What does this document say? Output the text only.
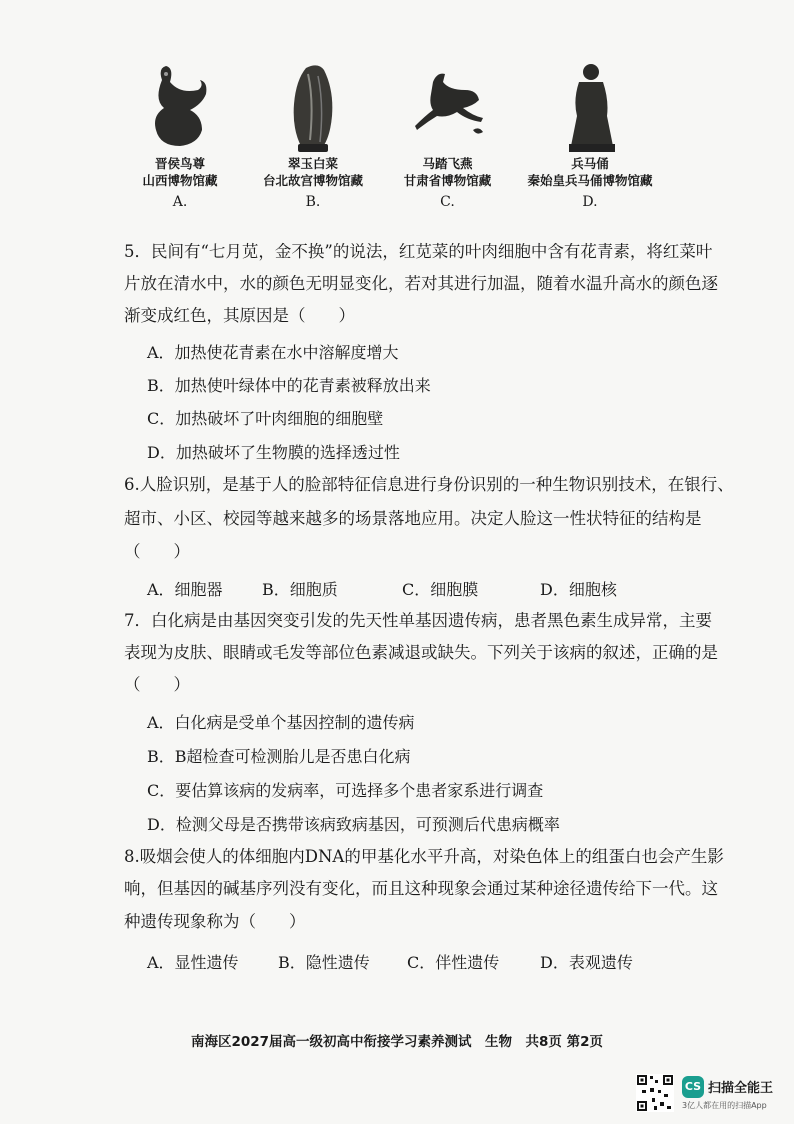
晋侯鸟尊
山西博物馆藏
A.
翠玉白菜
台北故宫博物馆藏
B.
马踏飞燕
甘肃省博物馆藏
C.
兵马俑
秦始皇兵马俑博物馆藏
D.
5．民间有“七月苋，金不换”的说法，红苋菜的叶肉细胞中含有花青素，将红菜叶
片放在清水中，水的颜色无明显变化，若对其进行加温，随着水温升高水的颜色逐
渐变成红色，其原因是（　　）
A．加热使花青素在水中溶解度增大
B．加热使叶绿体中的花青素被释放出来
C．加热破坏了叶肉细胞的细胞壁
D．加热破坏了生物膜的选择透过性
6.人脸识别，是基于人的脸部特征信息进行身份识别的一种生物识别技术，在银行、
超市、小区、校园等越来越多的场景落地应用。决定人脸这一性状特征的结构是
（　　）
A．细胞器 B．细胞质	C．细胞膜	D．细胞核
7．白化病是由基因突变引发的先天性单基因遗传病，患者黑色素生成异常，主要
表现为皮肤、眼睛或毛发等部位色素减退或缺失。下列关于该病的叙述，正确的是
（　　）
A．白化病是受单个基因控制的遗传病
B．B超检查可检测胎儿是否患白化病
C．要估算该病的发病率，可选择多个患者家系进行调查
D．检测父母是否携带该病致病基因，可预测后代患病概率
8.吸烟会使人的体细胞内DNA的甲基化水平升高，对染色体上的组蛋白也会产生影
响，但基因的碱基序列没有变化，而且这种现象会通过某种途径遗传给下一代。这
种遗传现象称为（　　）
A．显性遗传 B．隐性遗传 C．伴性遗传	D．表观遗传
南海区2027届高一级初高中衔接学习素养测试　生物　共8页 第2页
CS 扫描全能王
3亿人都在用的扫描App
